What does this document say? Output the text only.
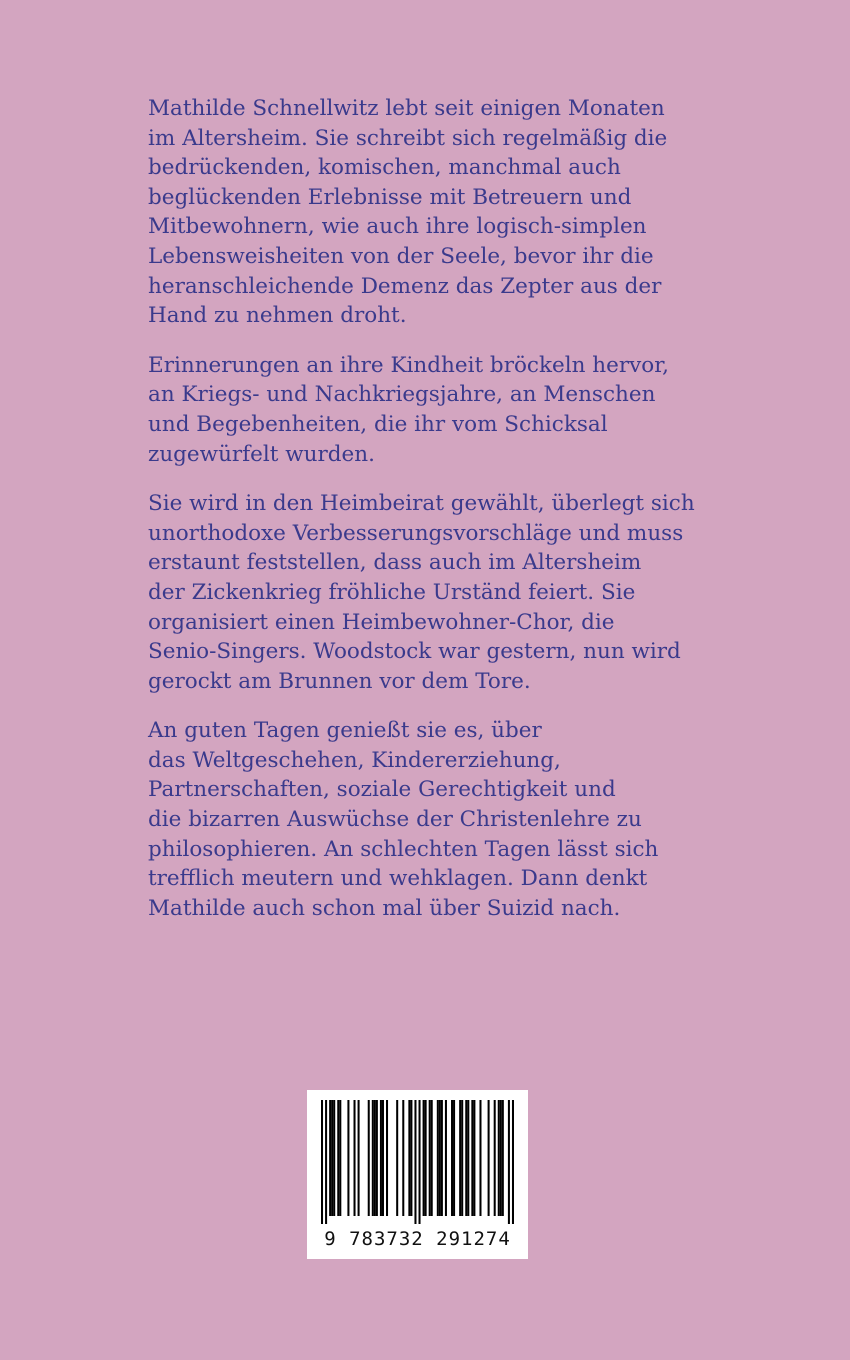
Mathilde Schnellwitz lebt seit einigen Monaten
im Altersheim. Sie schreibt sich regelmäßig die
bedrückenden, komischen, manchmal auch
beglückenden Erlebnisse mit Betreuern und
Mitbewohnern, wie auch ihre logisch-simplen
Lebensweisheiten von der Seele, bevor ihr die
heranschleichende Demenz das Zepter aus der
Hand zu nehmen droht.

Erinnerungen an ihre Kindheit bröckeln hervor,
an Kriegs- und Nachkriegsjahre, an Menschen
und Begebenheiten, die ihr vom Schicksal
zugewürfelt wurden.

Sie wird in den Heimbeirat gewählt, überlegt sich
unorthodoxe Verbesserungsvorschläge und muss
erstaunt feststellen, dass auch im Altersheim
der Zickenkrieg fröhliche Urständ feiert. Sie
organisiert einen Heimbewohner-Chor, die
Senio-Singers. Woodstock war gestern, nun wird
gerockt am Brunnen vor dem Tore.

An guten Tagen genießt sie es, über
das Weltgeschehen, Kindererziehung,
Partnerschaften, soziale Gerechtigkeit und
die bizarren Auswüchse der Christenlehre zu
philosophieren. An schlechten Tagen lässt sich
trefflich meutern und wehklagen. Dann denkt
Mathilde auch schon mal über Suizid nach.

9 783732 291274
